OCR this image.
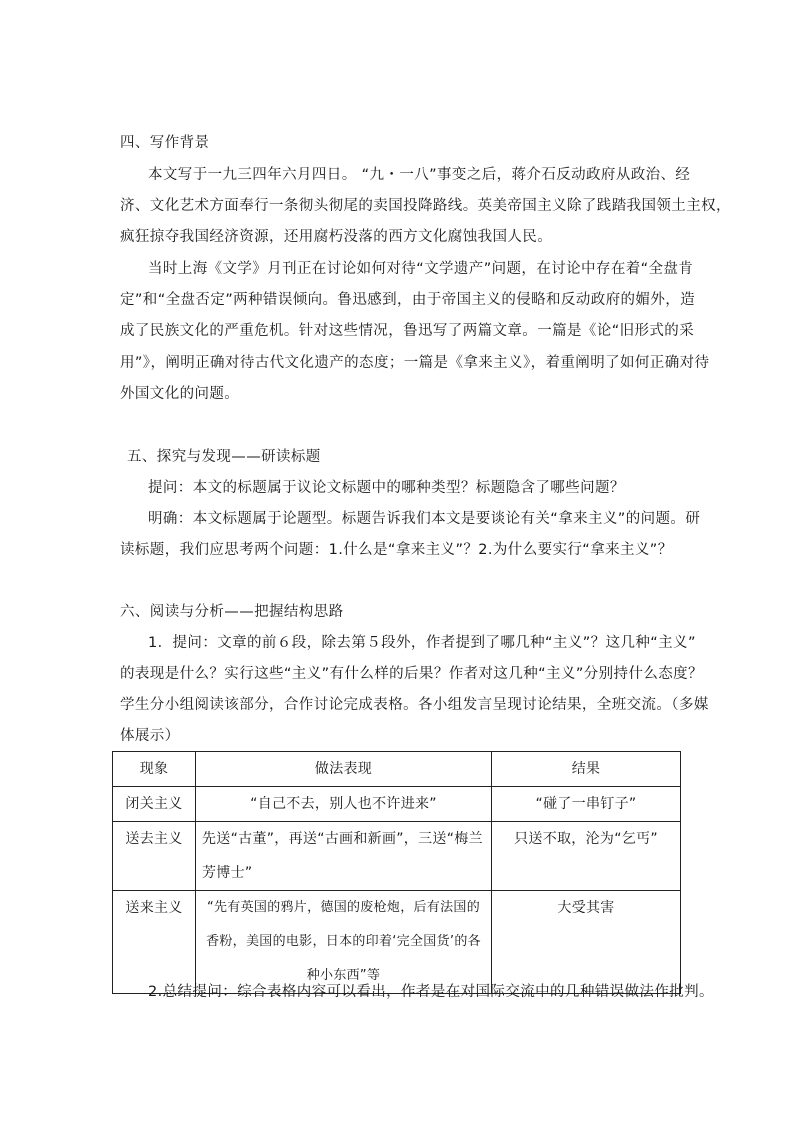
四、写作背景
本文写于一九三四年六月四日。 “九・一八”事变之后，蒋介石反动政府从政治、经
济、文化艺术方面奉行一条彻头彻尾的卖国投降路线。英美帝国主义除了践踏我国领土主权，
疯狂掠夺我国经济资源，还用腐朽没落的西方文化腐蚀我国人民。
当时上海《文学》月刊正在讨论如何对待“文学遗产”问题，在讨论中存在着“全盘肯
定”和“全盘否定”两种错误倾向。鲁迅感到，由于帝国主义的侵略和反动政府的媚外，造
成了民族文化的严重危机。针对这些情况，鲁迅写了两篇文章。一篇是《论“旧形式的采
用”》，阐明正确对待古代文化遗产的态度；一篇是《拿来主义》，着重阐明了如何正确对待
外国文化的问题。
五、探究与发现——研读标题
提问：本文的标题属于议论文标题中的哪种类型？标题隐含了哪些问题？
明确：本文标题属于论题型。标题告诉我们本文是要谈论有关“拿来主义”的问题。研
读标题，我们应思考两个问题：1.什么是“拿来主义”？2.为什么要实行“拿来主义”？
六、阅读与分析——把握结构思路
1．提问：文章的前６段，除去第５段外，作者提到了哪几种“主义”？这几种“主义”
的表现是什么？实行这些“主义”有什么样的后果？作者对这几种“主义”分别持什么态度？
学生分小组阅读该部分，合作讨论完成表格。各小组发言呈现讨论结果，全班交流。（多媒
体展示）
现象	做法表现	结果
闭关主义	“自己不去，别人也不许进来”	“碰了一串钉子”
送去主义	先送“古董”，再送“古画和新画”，三送“梅兰芳博士”	只送不取，沦为“乞丐”
送来主义	“先有英国的鸦片，德国的废枪炮，后有法国的香粉，美国的电影，日本的印着‘完全国货’的各种小东西”等	大受其害
2.总结提问：综合表格内容可以看出，作者是在对国际交流中的几种错误做法作批判。
